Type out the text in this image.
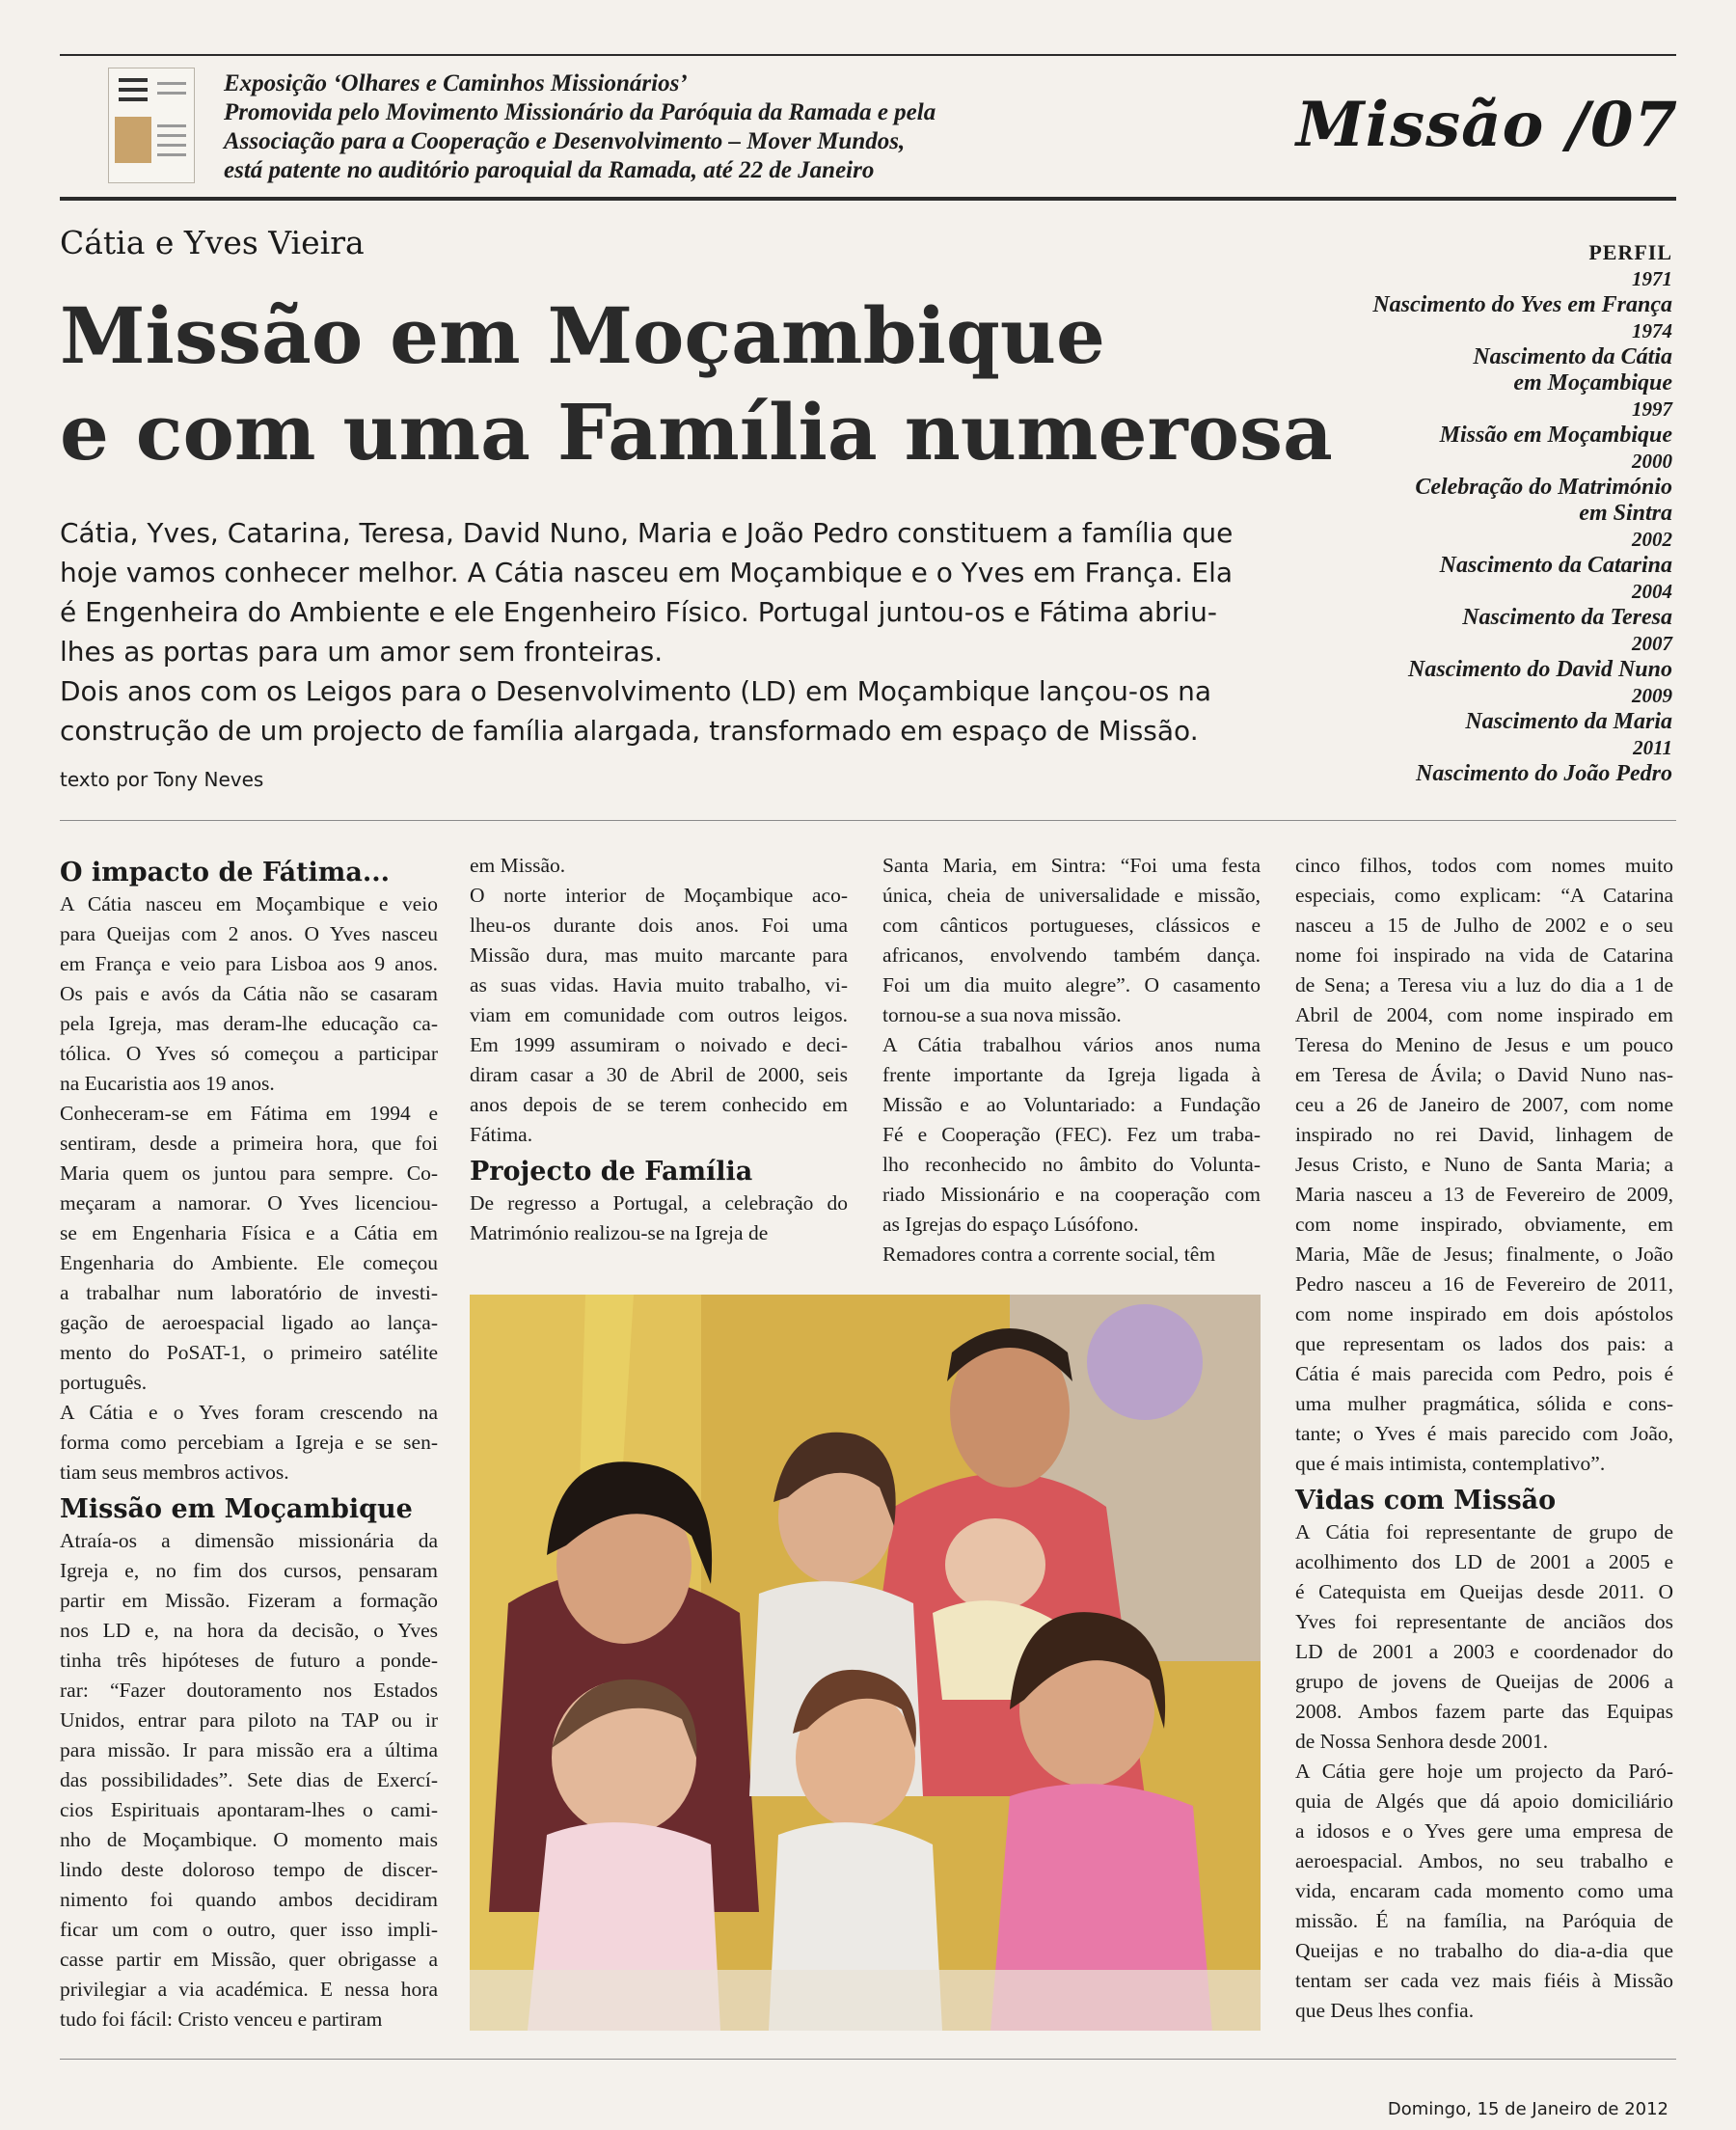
Exposição ‘Olhares e Caminhos Missionários’
Promovida pelo Movimento Missionário da Paróquia da Ramada e pela
Associação para a Cooperação e Desenvolvimento – Mover Mundos,
está patente no auditório paroquial da Ramada, até 22 de Janeiro
Missão /07
Cátia e Yves Vieira
Missão em Moçambique
e com uma Família numerosa

Cátia, Yves, Catarina, Teresa, David Nuno, Maria e João Pedro constituem a família que hoje vamos conhecer melhor. A Cátia nasceu em Moçambique e o Yves em França. Ela é Engenheira do Ambiente e ele Engenheiro Físico. Portugal juntou-os e Fátima abriu-lhes as portas para um amor sem fronteiras.

Dois anos com os Leigos para o Desenvolvimento (LD) em Moçambique lançou-os na construção de um projecto de família alargada, transformado em espaço de Missão.

texto por Tony Neves
PERFIL
1971
Nascimento do Yves em França
1974
Nascimento da Cátia
em Moçambique
1997
Missão em Moçambique
2000
Celebração do Matrimónio
em Sintra
2002
Nascimento da Catarina
2004
Nascimento da Teresa
2007
Nascimento do David Nuno
2009
Nascimento da Maria
2011
Nascimento do João Pedro
O impacto de Fátima...

A Cátia nasceu em Moçambique e veio
para Queijas com 2 anos. O Yves nasceu
em França e veio para Lisboa aos 9 anos.
Os pais e avós da Cátia não se casaram
pela Igreja, mas deram-lhe educação ca-
tólica. O Yves só começou a participar
na Eucaristia aos 19 anos.

Conheceram-se em Fátima em 1994 e
sentiram, desde a primeira hora, que foi
Maria quem os juntou para sempre. Co-
meçaram a namorar. O Yves licenciou-
se em Engenharia Física e a Cátia em
Engenharia do Ambiente. Ele começou
a trabalhar num laboratório de investi-
gação de aeroespacial ligado ao lança-
mento do PoSAT-1, o primeiro satélite
português.

A Cátia e o Yves foram crescendo na
forma como percebiam a Igreja e se sen-
tiam seus membros activos.

Missão em Moçambique

Atraía-os a dimensão missionária da
Igreja e, no fim dos cursos, pensaram
partir em Missão. Fizeram a formação
nos LD e, na hora da decisão, o Yves
tinha três hipóteses de futuro a ponde-
rar: “Fazer doutoramento nos Estados
Unidos, entrar para piloto na TAP ou ir
para missão. Ir para missão era a última
das possibilidades”. Sete dias de Exercí-
cios Espirituais apontaram-lhes o cami-
nho de Moçambique. O momento mais
lindo deste doloroso tempo de discer-
nimento foi quando ambos decidiram
ficar um com o outro, quer isso impli-
casse partir em Missão, quer obrigasse a
privilegiar a via académica. E nessa hora
tudo foi fácil: Cristo venceu e partiram

em Missão.

O norte interior de Moçambique aco-
lheu-os durante dois anos. Foi uma
Missão dura, mas muito marcante para
as suas vidas. Havia muito trabalho, vi-
viam em comunidade com outros leigos.
Em 1999 assumiram o noivado e deci-
diram casar a 30 de Abril de 2000, seis
anos depois de se terem conhecido em
Fátima.

Projecto de Família

De regresso a Portugal, a celebração do
Matrimónio realizou-se na Igreja de

Santa Maria, em Sintra: “Foi uma festa
única, cheia de universalidade e missão,
com cânticos portugueses, clássicos e
africanos, envolvendo também dança.
Foi um dia muito alegre”. O casamento
tornou-se a sua nova missão.

A Cátia trabalhou vários anos numa
frente importante da Igreja ligada à
Missão e ao Voluntariado: a Fundação
Fé e Cooperação (FEC). Fez um traba-
lho reconhecido no âmbito do Volunta-
riado Missionário e na cooperação com
as Igrejas do espaço Lúsófono.

Remadores contra a corrente social, têm

cinco filhos, todos com nomes muito
especiais, como explicam: “A Catarina
nasceu a 15 de Julho de 2002 e o seu
nome foi inspirado na vida de Catarina
de Sena; a Teresa viu a luz do dia a 1 de
Abril de 2004, com nome inspirado em
Teresa do Menino de Jesus e um pouco
em Teresa de Ávila; o David Nuno nas-
ceu a 26 de Janeiro de 2007, com nome
inspirado no rei David, linhagem de
Jesus Cristo, e Nuno de Santa Maria; a
Maria nasceu a 13 de Fevereiro de 2009,
com nome inspirado, obviamente, em
Maria, Mãe de Jesus; finalmente, o João
Pedro nasceu a 16 de Fevereiro de 2011,
com nome inspirado em dois apóstolos
que representam os lados dos pais: a
Cátia é mais parecida com Pedro, pois é
uma mulher pragmática, sólida e cons-
tante; o Yves é mais parecido com João,
que é mais intimista, contemplativo”.

Vidas com Missão

A Cátia foi representante de grupo de
acolhimento dos LD de 2001 a 2005 e
é Catequista em Queijas desde 2011. O
Yves foi representante de anciãos dos
LD de 2001 a 2003 e coordenador do
grupo de jovens de Queijas de 2006 a
2008. Ambos fazem parte das Equipas
de Nossa Senhora desde 2001.

A Cátia gere hoje um projecto da Paró-
quia de Algés que dá apoio domiciliário
a idosos e o Yves gere uma empresa de
aeroespacial. Ambos, no seu trabalho e
vida, encaram cada momento como uma
missão. É na família, na Paróquia de
Queijas e no trabalho do dia-a-dia que
tentam ser cada vez mais fiéis à Missão
que Deus lhes confia.

Domingo, 15 de Janeiro de 2012
